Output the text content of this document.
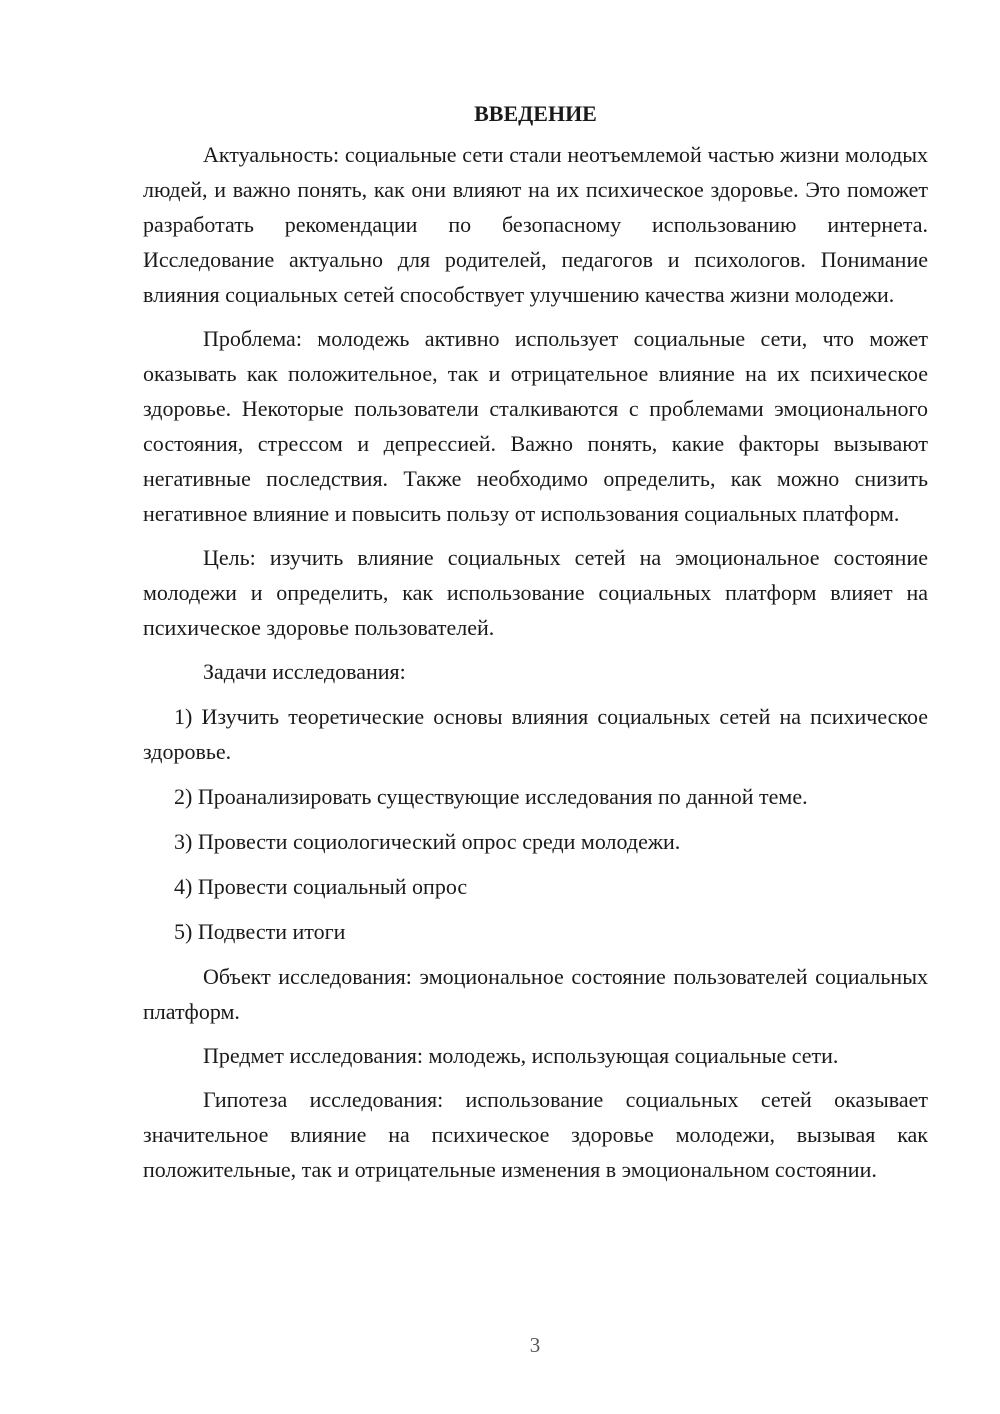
ВВЕДЕНИЕ

Актуальность: социальные сети стали неотъемлемой частью жизни молодых людей, и важно понять, как они влияют на их психическое здоровье. Это поможет разработать рекомендации по безопасному использованию интернета. Исследование актуально для родителей, педагогов и психологов. Понимание влияния социальных сетей способствует улучшению качества жизни молодежи.

Проблема: молодежь активно использует социальные сети, что может оказывать как положительное, так и отрицательное влияние на их психическое здоровье. Некоторые пользователи сталкиваются с проблемами эмоционального состояния, стрессом и депрессией. Важно понять, какие факторы вызывают негативные последствия. Также необходимо определить, как можно снизить негативное влияние и повысить пользу от использования социальных платформ.

Цель: изучить влияние социальных сетей на эмоциональное состояние молодежи и определить, как использование социальных платформ влияет на психическое здоровье пользователей.

Задачи исследования:

1) Изучить теоретические основы влияния социальных сетей на психическое здоровье.
2) Проанализировать существующие исследования по данной теме.
3) Провести социологический опрос среди молодежи.
4) Провести социальный опрос
5) Подвести итоги

Объект исследования: эмоциональное состояние пользователей социальных платформ.

Предмет исследования: молодежь, использующая социальные сети.

Гипотеза исследования: использование социальных сетей оказывает значительное влияние на психическое здоровье молодежи, вызывая как положительные, так и отрицательные изменения в эмоциональном состоянии.

3
